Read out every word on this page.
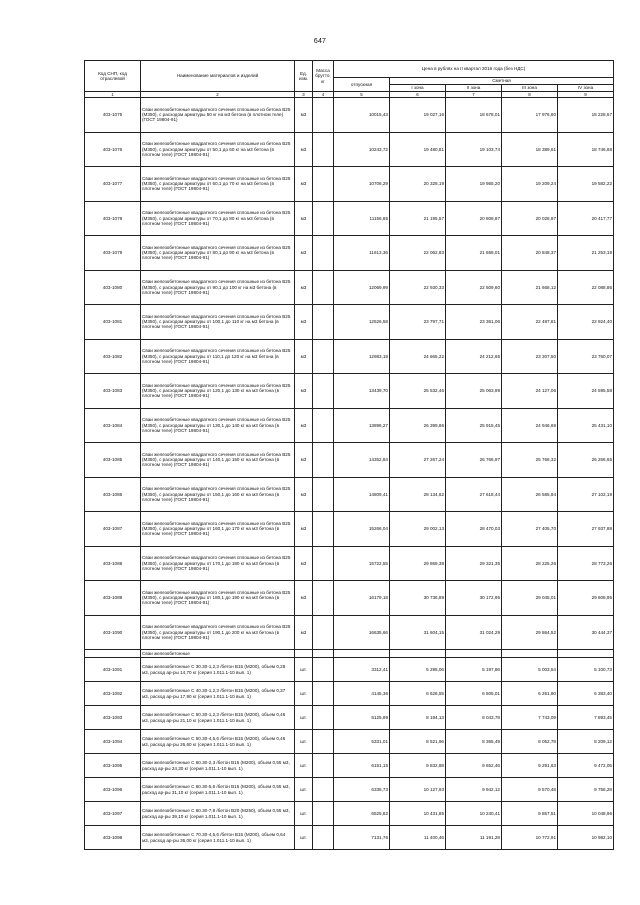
647
Код СНП, код отраслевой	Наименование материалов и изделий	Ед. изм.	Масса брутто, кг	Цена в рублях на II квартал 2016 года (без НДС)				
				отпускная	Сметная			
					I зона	II зона	III зона	IV зона
1	2	3	4	5	6	7	8	9
403-1075	Сваи железобетонные квадратного сечения сплошные из бетона В25 (М350), с расходом арматуры 50 кг на м3 бетона (в плотном теле) (ГОСТ 19804-91)	м3		10015,43	19 027,16	18 678,01	17 976,60	18 228,57
403-1076	Сваи железобетонные квадратного сечения сплошные из бетона В25 (М350), с расходом арматуры от 50,1 до 60 кг на м3 бетона (в плотном теле) (ГОСТ 19804-91)	м3		10243,72	19 480,81	19 103,74	18 389,61	18 746,68
403-1077	Сваи железобетонные квадратного сечения сплошные из бетона В25 (М350), с расходом арматуры от 60,1 до 70 кг на м3 бетона (в плотном теле) (ГОСТ 19804-91)	м3		10706,29	20 328,19	19 955,20	19 209,24	19 582,22
403-1078	Сваи железобетонные квадратного сечения сплошные из бетона В25 (М350), с расходом арматуры от 70,1 до 80 кг на м3 бетона (в плотном теле) (ГОСТ 19804-91)	м3		11156,85	21 195,57	20 808,87	20 028,87	20 417,77
403-1079	Сваи железобетонные квадратного сечения сплошные из бетона В25 (М350), с расходом арматуры от 80,1 до 90 кг на м3 бетона (в плотном теле) (ГОСТ 19804-91)	м3		11613,36	22 062,83	21 658,01	20 848,37	21 253,19
403-1080	Сваи железобетонные квадратного сечения сплошные из бетона В25 (М350), с расходом арматуры от 90,1 до 100 кг на м3 бетона (в плотном теле) (ГОСТ 19804-91)	м3		12069,99	22 930,33	22 509,60	21 668,12	22 088,86
403-1081	Сваи железобетонные квадратного сечения сплошные из бетона В25 (М350), с расходом арматуры от 100,1 до 110 кг на м3 бетона (в плотном теле) (ГОСТ 19804-91)	м3		12526,58	23 797,71	23 361,06	22 487,81	22 924,40
403-1082	Сваи железобетонные квадратного сечения сплошные из бетона В25 (М350), с расходом арматуры от 110,1 до 120 кг на м3 бетона (в плотном теле) (ГОСТ 19804-91)	м3		12983,19	24 665,22	24 212,65	23 307,50	23 760,07
403-1083	Сваи железобетонные квадратного сечения сплошные из бетона В25 (М350), с расходом арматуры от 120,1 до 130 кг на м3 бетона (в плотном теле) (ГОСТ 19804-91)	м3		13439,70	25 532,46	25 063,99	24 127,06	24 595,58
403-1084	Сваи железобетонные квадратного сечения сплошные из бетона В25 (М350), с расходом арматуры от 130,1 до 140 кг на м3 бетона (в плотном теле) (ГОСТ 19804-91)	м3		13896,27	26 399,86	25 915,45	24 946,69	25 431,10
403-1085	Сваи железобетонные квадратного сечения сплошные из бетона В25 (М350), с расходом арматуры от 140,1 до 150 кг на м3 бетона (в плотном теле) (ГОСТ 19804-91)	м3		14352,84	27 267,24	26 766,97	25 766,32	26 266,65
403-1086	Сваи железобетонные квадратного сечения сплошные из бетона В25 (М350), с расходом арматуры от 150,1 до 160 кг на м3 бетона (в плотном теле) (ГОСТ 19804-91)	м3		14809,41	28 134,62	27 618,44	26 585,94	27 102,19
403-1087	Сваи железобетонные квадратного сечения сплошные из бетона В25 (М350), с расходом арматуры от 160,1 до 170 кг на м3 бетона (в плотном теле) (ГОСТ 19804-91)	м3		15266,04	29 002,13	28 470,03	27 405,70	27 937,88
403-1088	Сваи железобетонные квадратного сечения сплошные из бетона В25 (М350), с расходом арматуры от 170,1 до 180 кг на м3 бетона (в плотном теле) (ГОСТ 19804-91)	м3		15722,55	29 869,38	29 321,35	28 225,26	28 773,26
403-1089	Сваи железобетонные квадратного сечения сплошные из бетона В25 (М350), с расходом арматуры от 180,1 до 190 кг на м3 бетона (в плотном теле) (ГОСТ 19804-91)	м3		16179,18	30 736,89	30 172,95	29 045,01	29 608,95
403-1090	Сваи железобетонные квадратного сечения сплошные из бетона В25 (М350), с расходом арматуры от 190,1 до 200 кг на м3 бетона (в плотном теле) (ГОСТ 19804-91)	м3		16635,66	31 604,15	31 024,29	29 864,52	30 444,37
	Сваи железобетонные							
403-1091	Сваи железобетонные С 30.30-1,2,3 /бетон В15 (М200), объем 0,28 м3, расход ар-ры 14,70 кг (серия 1.011.1-10 вып. 1)	шт.		3312,41	5 295,06	5 197,86	5 003,54	5 100,73
403-1092	Сваи железобетонные С 40.30-1,2,3 /бетон В15 (М200), объем 0,37 м3, расход ар-ры 17,90 кг (серия 1.011.1-10 вып. 1)	шт.		4145,36	6 626,55	6 505,01	6 261,80	6 383,40
403-1093	Сваи железобетонные С 50.30-1,2,3 /бетон В15 (М200), объем 0,46 м3, расход ар-ры 21,10 кг (серия 1.011.1-10 вып. 1)	шт.		5125,99	8 194,13	8 043,78	7 743,09	7 893,45
403-1094	Сваи железобетонные С 50.30-4,5,6 /бетон В15 (М200), объем 0,46 м3, расход ар-ры 26,60 кг (серия 1.011.1-10 вып. 1)	шт.		5331,01	8 521,96	8 365,49	8 052,78	8 209,12
403-1095	Сваи железобетонные С 60.30-2,3 /бетон В15 (М200), объем 0,55 м3, расход ар-ры 24,30 кг (серия 1.011.1-10 вып. 1)	шт.		6151,15	9 832,88	9 652,46	9 291,63	9 472,05
403-1096	Сваи железобетонные С 60.30-5,6 /бетон В15 (М200), объем 0,55 м3, расход ар-ры 31,10 кг (серия 1.011.1-10 вып. 1)	шт.		6335,73	10 127,93	9 942,12	9 570,48	9 756,28
403-1097	Сваи железобетонные С 60.30-7,8 /бетон В20 (М250), объем 0,55 м3, расход ар-ры 39,10 кг (серия 1.011.1-10 вып. 1)	шт.		6525,82	10 431,85	10 240,41	9 857,51	10 048,96
403-1098	Сваи железобетонные С 70.30-4,5,6 /бетон В15 (М200), объем 0,64 м3, расход ар-ры 36,00 кг (серия 1.011.1-10 вып. 1)	шт.		7131,76	11 400,46	11 191,28	10 772,91	10 982,10
